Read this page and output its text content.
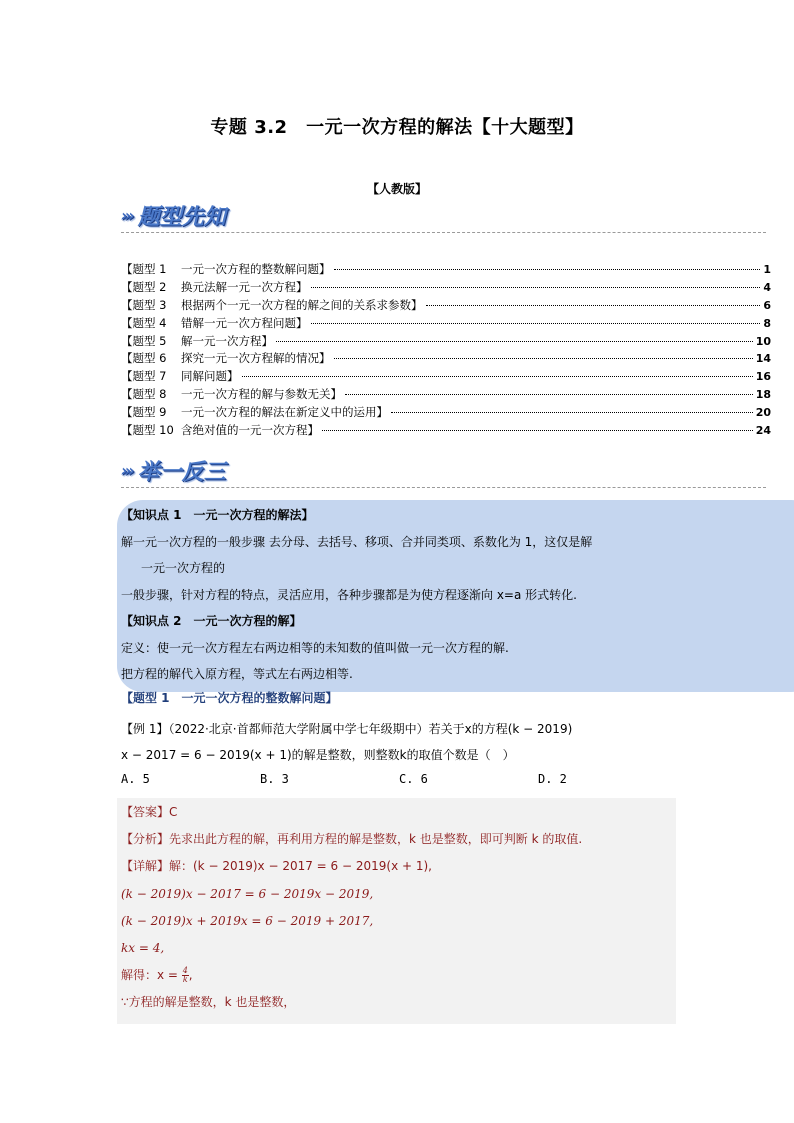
专题 3.2　一元一次方程的解法【十大题型】
【人教版】
››› 题型先知
【题型 1	一元一次方程的整数解问题】	1
【题型 2	换元法解一元一次方程】	4
【题型 3	根据两个一元一次方程的解之间的关系求参数】	6
【题型 4	错解一元一次方程问题】	8
【题型 5	解一元一次方程】	10
【题型 6	探究一元一次方程解的情况】	14
【题型 7	同解问题】	16
【题型 8	一元一次方程的解与参数无关】	18
【题型 9	一元一次方程的解法在新定义中的运用】	20
【题型 10 含绝对值的一元一次方程】	24
››› 举一反三
【知识点 1　一元一次方程的解法】
解一元一次方程的一般步骤 去分母、去括号、移项、合并同类项、系数化为 1，这仅是解
一元一次方程的
一般步骤，针对方程的特点，灵活应用，各种步骤都是为使方程逐渐向 x=a 形式转化.
【知识点 2　一元一次方程的解】
定义：使一元一次方程左右两边相等的未知数的值叫做一元一次方程的解.
把方程的解代入原方程，等式左右两边相等.
【题型 1　一元一次方程的整数解问题】
【例 1】（2022·北京·首都师范大学附属中学七年级期中）若关于x的方程(k − 2019)
x − 2017 = 6 − 2019(x + 1)的解是整数，则整数k的取值个数是（　）
A. 5	B. 3	C. 6	D. 2
【答案】C
【分析】先求出此方程的解，再利用方程的解是整数，k 也是整数，即可判断 k 的取值.
【详解】解：(k − 2019)x − 2017 = 6 − 2019(x + 1),
(k − 2019)x − 2017 = 6 − 2019x − 2019,
(k − 2019)x + 2019x = 6 − 2019 + 2017,
kx = 4,
解得：$x = \frac{4}{k}$ ,
∵方程的解是整数，k 也是整数，
